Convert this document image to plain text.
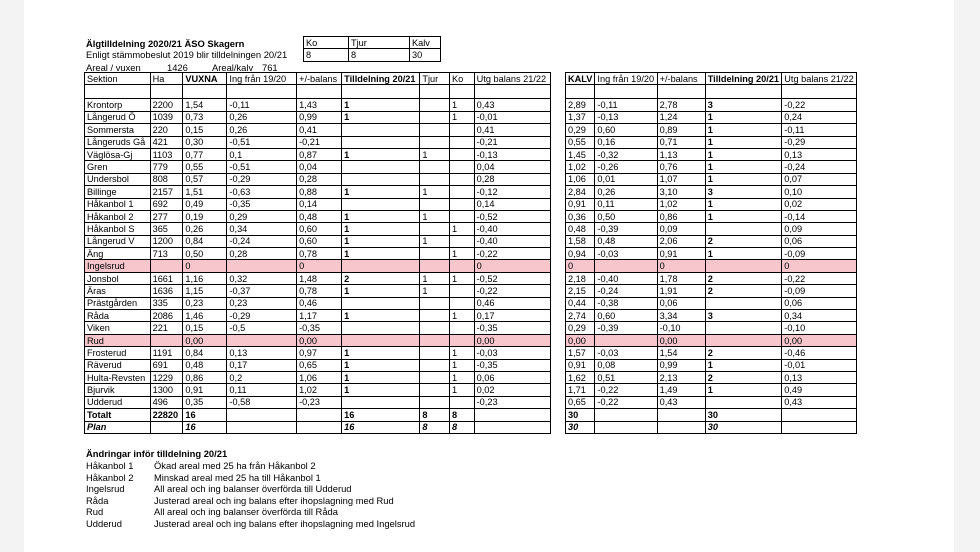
Älgtilldelning 2020/21 ÄSO Skagern
Enligt stämmobeslut 2019 blir tilldelningen 20/21
Ko	Tjur	Kalv
8	8	30
Areal / vuxen	1426	Areal/kalv 761
Sektion	Ha	VUXNA	Ing från 19/20	+/-balans	Tilldelning 20/21	Tjur	Ko	Utg balans 21/22

Krontorp	2200	1,54	-0,11	1,43	1		1	0,43
Långerud Ö	1039	0,73	0,26	0,99	1		1	-0,01
Sommersta	220	0,15	0,26	0,41				0,41
Långeruds Gå	421	0,30	-0,51	-0,21				-0,21
Väglösa-Gj	1103	0,77	0,1	0,87	1	1		-0,13
Gren	779	0,55	-0,51	0,04				0,04
Undersbol	808	0,57	-0,29	0,28				0,28
Billinge	2157	1,51	-0,63	0,88	1	1		-0,12
Håkanbol 1	692	0,49	-0,35	0,14				0,14
Håkanbol 2	277	0,19	0,29	0,48	1	1		-0,52
Håkanbol S	365	0,26	0,34	0,60	1		1	-0,40
Långerud V	1200	0,84	-0,24	0,60	1	1		-0,40
Äng	713	0,50	0,28	0,78	1		1	-0,22
Ingelsrud		0		0				0
Jonsbol	1661	1,16	0,32	1,48	2	1	1	-0,52
Äras	1636	1,15	-0,37	0,78	1	1		-0,22
Prästgården	335	0,23	0,23	0,46				0,46
Råda	2086	1,46	-0,29	1,17	1		1	0,17
Viken	221	0,15	-0,5	-0,35				-0,35
Rud		0,00		0,00				0,00
Frosterud	1191	0,84	0,13	0,97	1		1	-0,03
Räverud	691	0,48	0,17	0,65	1		1	-0,35
Hulta-Revsten	1229	0,86	0,2	1,06	1		1	0,06
Bjurvik	1300	0,91	0,11	1,02	1		1	0,02
Udderud	496	0,35	-0,58	-0,23				-0,23
Totalt	22820	16			16	8	8	
Plan		16			16	8	8	
KALV	Ing från 19/20	+/-balans	Tilldelning 20/21	Utg balans 21/22

2,89	-0,11	2,78	3	-0,22
1,37	-0,13	1,24	1	0,24
0,29	0,60	0,89	1	-0,11
0,55	0,16	0,71	1	-0,29
1,45	-0,32	1,13	1	0,13
1,02	-0,26	0,76	1	-0,24
1,06	0,01	1,07	1	0,07
2,84	0,26	3,10	3	0,10
0,91	0,11	1,02	1	0,02
0,36	0,50	0,86	1	-0,14
0,48	-0,39	0,09		0,09
1,58	0,48	2,06	2	0,06
0,94	-0,03	0,91	1	-0,09
0		0		0
2,18	-0,40	1,78	2	-0,22
2,15	-0,24	1,91	2	-0,09
0,44	-0,38	0,06		0,06
2,74	0,60	3,34	3	0,34
0,29	-0,39	-0,10		-0,10
0,00		0,00		0,00
1,57	-0,03	1,54	2	-0,46
0,91	0,08	0,99	1	-0,01
1,62	0,51	2,13	2	0,13
1,71	-0,22	1,49	1	0,49
0,65	-0,22	0,43		0,43
30			30	
30			30	
Ändringar inför tilldelning 20/21
Håkanbol 1 Ökad areal med 25 ha från Håkanbol 2
Håkanbol 2 Minskad areal med 25 ha till Håkanbol 1
Ingelsrud	All areal och ing balanser överförda till Udderud
Råda	Justerad areal och ing balans efter ihopslagning med Rud
Rud	All areal och ing balanser överförda till Råda
Udderud	Justerad areal och ing balans efter ihopslagning med Ingelsrud
